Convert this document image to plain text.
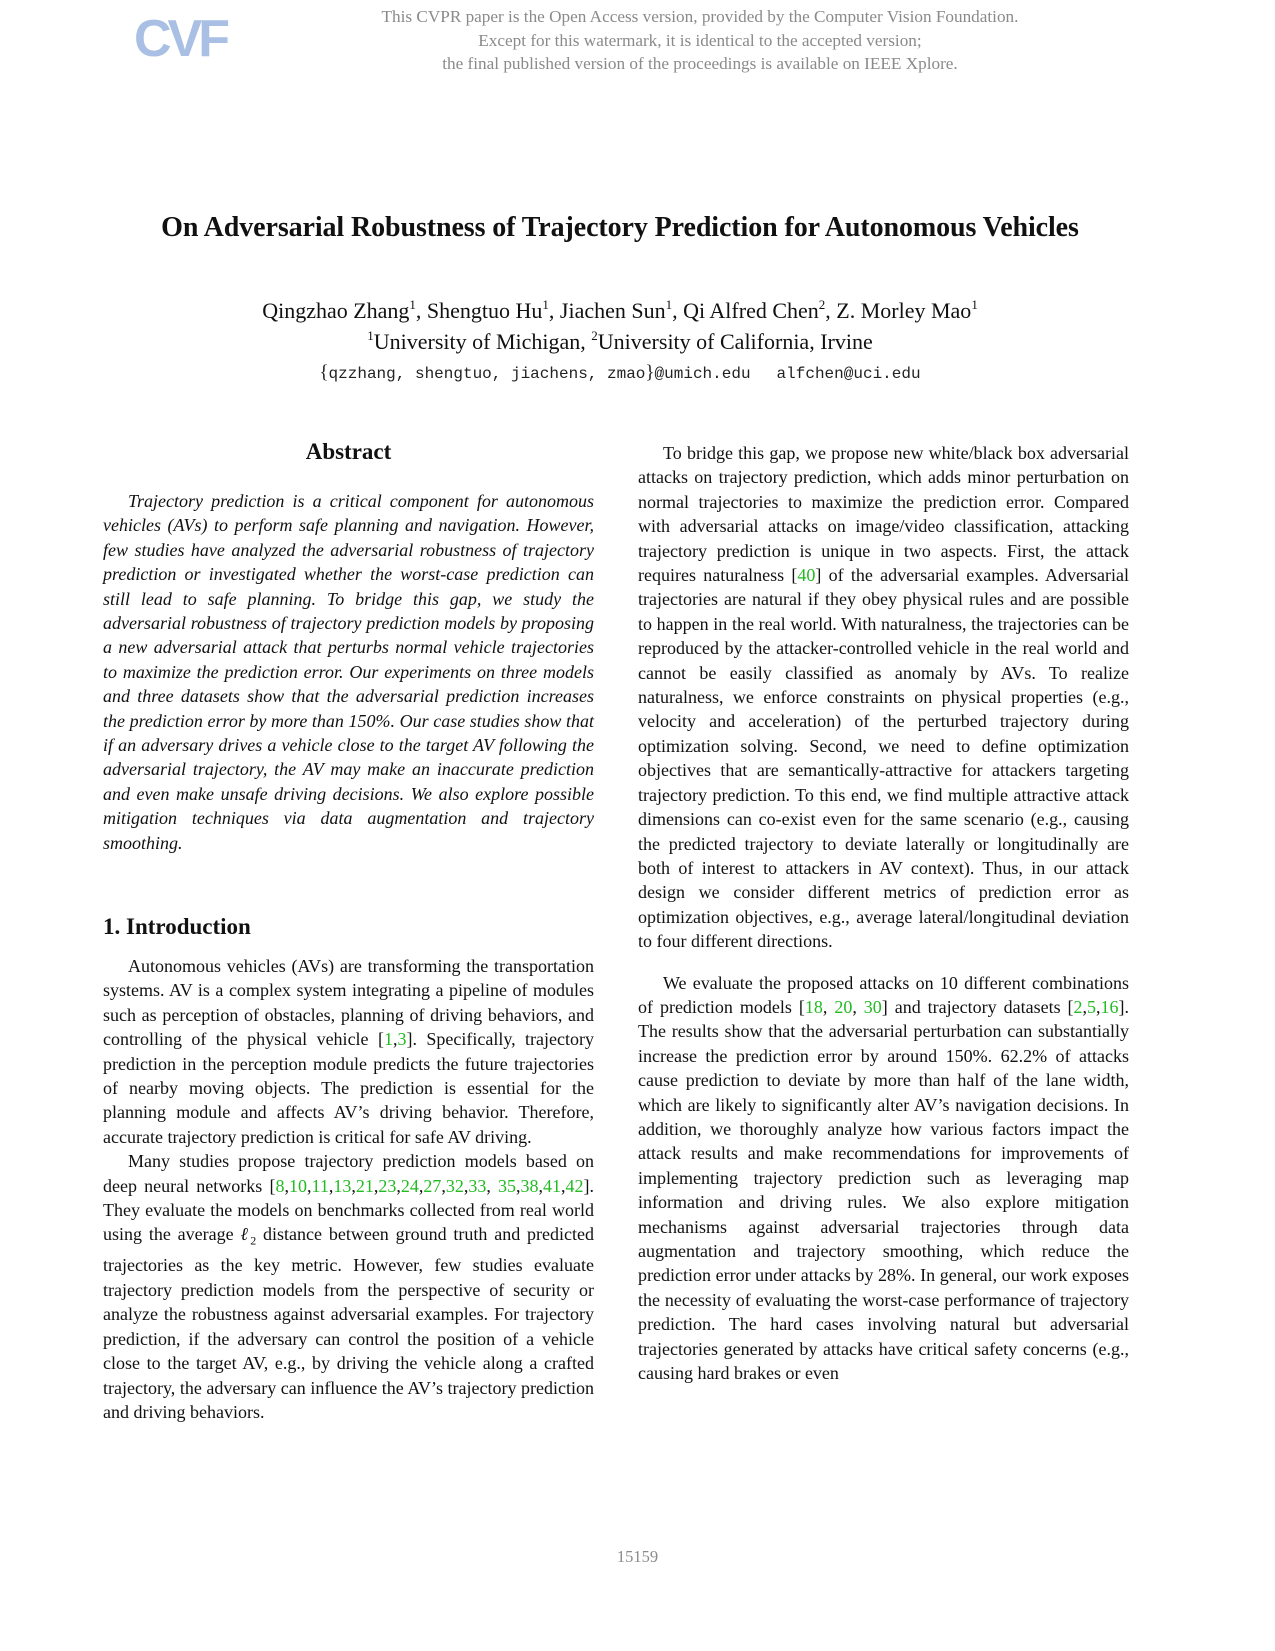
CVF	This CVPR paper is the Open Access version, provided by the Computer Vision Foundation.
Except for this watermark, it is identical to the accepted version;
the final published version of the proceedings is available on IEEE Xplore.
On Adversarial Robustness of Trajectory Prediction for Autonomous Vehicles
Qingzhao Zhang$^1$, Shengtuo Hu$^1$, Jiachen Sun$^1$, Qi Alfred Chen$^2$, Z. Morley Mao$^1$
$^1$University of Michigan, $^2$University of California, Irvine
{qzzhang, shengtuo, jiachens, zmao}@umich.edu alfchen@uci.edu
Abstract

Trajectory prediction is a critical component for autonomous vehicles (AVs) to perform safe planning and navigation. However, few studies have analyzed the adversarial robustness of trajectory prediction or investigated whether the worst-case prediction can still lead to safe planning. To bridge this gap, we study the adversarial robustness of trajectory prediction models by proposing a new adversarial attack that perturbs normal vehicle trajectories to maximize the prediction error. Our experiments on three models and three datasets show that the adversarial prediction increases the prediction error by more than 150%. Our case studies show that if an adversary drives a vehicle close to the target AV following the adversarial trajectory, the AV may make an inaccurate prediction and even make unsafe driving decisions. We also explore possible mitigation techniques via data augmentation and trajectory smoothing.

1. Introduction

Autonomous vehicles (AVs) are transforming the transportation systems. AV is a complex system integrating a pipeline of modules such as perception of obstacles, planning of driving behaviors, and controlling of the physical vehicle [1,3]. Specifically, trajectory prediction in the perception module predicts the future trajectories of nearby moving objects. The prediction is essential for the planning module and affects AV’s driving behavior. Therefore, accurate trajectory prediction is critical for safe AV driving.

Many studies propose trajectory prediction models based on deep neural networks [8,10,11,13,21,23,24,27,32,33, 35,38,41,42]. They evaluate the models on benchmarks collected from real world using the average ℓ$_2$ distance between ground truth and predicted trajectories as the key metric. However, few studies evaluate trajectory prediction models from the perspective of security or analyze the robustness against adversarial examples. For trajectory prediction, if the adversary can control the position of a vehicle close to the target AV, e.g., by driving the vehicle along a crafted trajectory, the adversary can influence the AV’s trajectory prediction and driving behaviors.

To bridge this gap, we propose new white/black box adversarial attacks on trajectory prediction, which adds minor perturbation on normal trajectories to maximize the prediction error. Compared with adversarial attacks on image/video classification, attacking trajectory prediction is unique in two aspects. First, the attack requires naturalness [40] of the adversarial examples. Adversarial trajectories are natural if they obey physical rules and are possible to happen in the real world. With naturalness, the trajectories can be reproduced by the attacker-controlled vehicle in the real world and cannot be easily classified as anomaly by AVs. To realize naturalness, we enforce constraints on physical properties (e.g., velocity and acceleration) of the perturbed trajectory during optimization solving. Second, we need to define optimization objectives that are semantically-attractive for attackers targeting trajectory prediction. To this end, we find multiple attractive attack dimensions can co-exist even for the same scenario (e.g., causing the predicted trajectory to deviate laterally or longitudinally are both of interest to attackers in AV context). Thus, in our attack design we consider different metrics of prediction error as optimization objectives, e.g., average lateral/longitudinal deviation to four different directions.

We evaluate the proposed attacks on 10 different combinations of prediction models [18, 20, 30] and trajectory datasets [2,5,16]. The results show that the adversarial perturbation can substantially increase the prediction error by around 150%. 62.2% of attacks cause prediction to deviate by more than half of the lane width, which are likely to significantly alter AV’s navigation decisions. In addition, we thoroughly analyze how various factors impact the attack results and make recommendations for improvements of implementing trajectory prediction such as leveraging map information and driving rules. We also explore mitigation mechanisms against adversarial trajectories through data augmentation and trajectory smoothing, which reduce the prediction error under attacks by 28%. In general, our work exposes the necessity of evaluating the worst-case performance of trajectory prediction. The hard cases involving natural but adversarial trajectories generated by attacks have critical safety concerns (e.g., causing hard brakes or even

15159
